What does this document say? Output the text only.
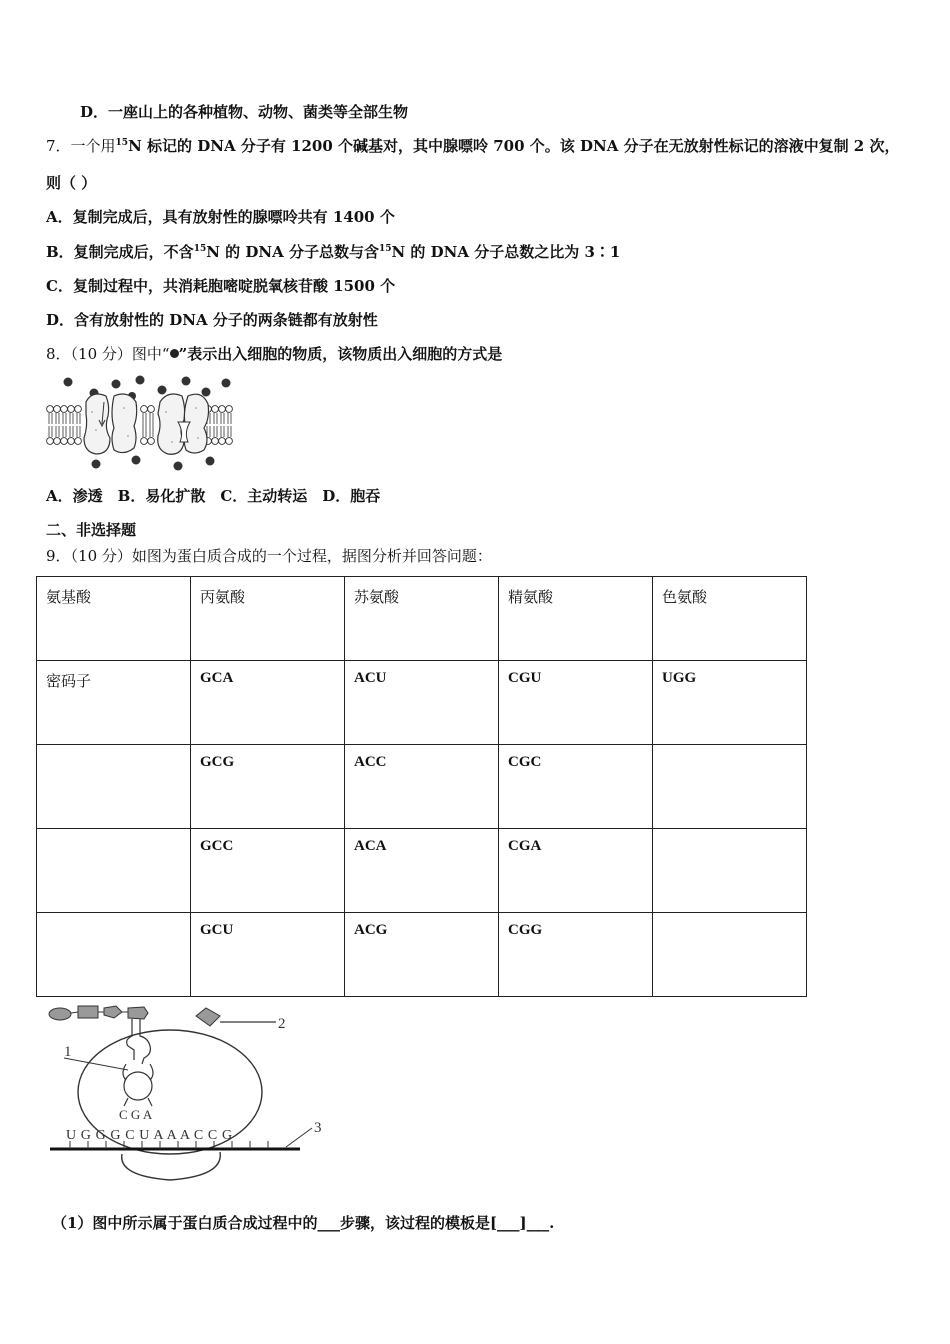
D．一座山上的各种植物、动物、菌类等全部生物
7．一个用$^{15}$N 标记的 DNA 分子有 1200 个碱基对，其中腺嘌呤 700 个。该 DNA 分子在无放射性标记的溶液中复制 2 次，
则（ ）
A．复制完成后，具有放射性的腺嘌呤共有 1400 个
B．复制完成后，不含$^{15}$N 的 DNA 分子总数与含$^{15}$N 的 DNA 分子总数之比为 3∶1
C．复制过程中，共消耗胞嘧啶脱氧核苷酸 1500 个
D．含有放射性的 DNA 分子的两条链都有放射性
8．（10 分）图中“ ”表示出入细胞的物质，该物质出入细胞的方式是
A．渗透　B．易化扩散　C．主动转运　D．胞吞
二、非选择题
9．（10 分）如图为蛋白质合成的一个过程，据图分析并回答问题：
氨基酸	丙氨酸	苏氨酸	精氨酸	色氨酸
密码子	GCA	ACU	CGU	UGG
	GCG	ACC	CGC	
	GCC	ACA	CGA	
	GCU	ACG	CGG	
2
1
C G A
U G G G C U A A A C C G	3
（1）图中所示属于蛋白质合成过程中的___步骤，该过程的模板是[___]___.
